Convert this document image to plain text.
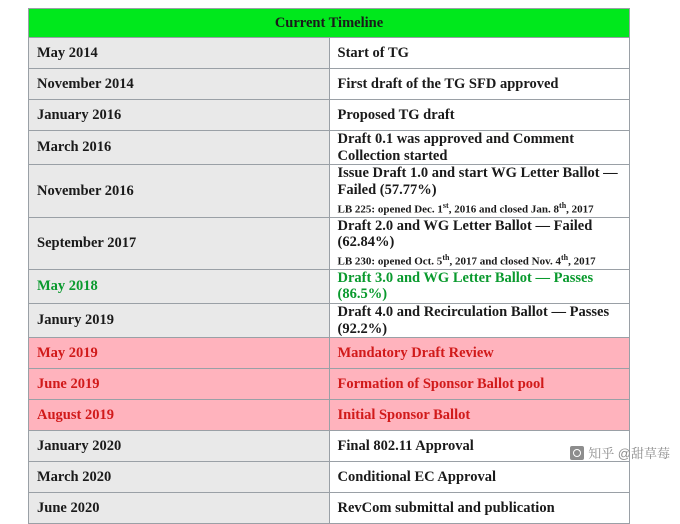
Current Timeline	
May 2014	Start of TG
November 2014	First draft of the TG SFD approved
January 2016	Proposed TG draft
March 2016	Draft 0.1 was approved and Comment Collection started
November 2016	Issue Draft 1.0 and start WG Letter Ballot — Failed (57.77%)
LB 225: opened Dec. 1st, 2016 and closed Jan. 8th, 2017

September 2017	Draft 2.0 and WG Letter Ballot — Failed (62.84%)
LB 230: opened Oct. 5th, 2017 and closed Nov. 4th, 2017

May 2018	Draft 3.0 and WG Letter Ballot — Passes (86.5%)
Janury 2019	Draft 4.0 and Recirculation Ballot — Passes (92.2%)
May 2019	Mandatory Draft Review
June 2019	Formation of Sponsor Ballot pool
August 2019	Initial Sponsor Ballot
January 2020	Final 802.11 Approval
March 2020	Conditional EC Approval
June 2020	RevCom submittal and publication
知乎 @甜草莓
